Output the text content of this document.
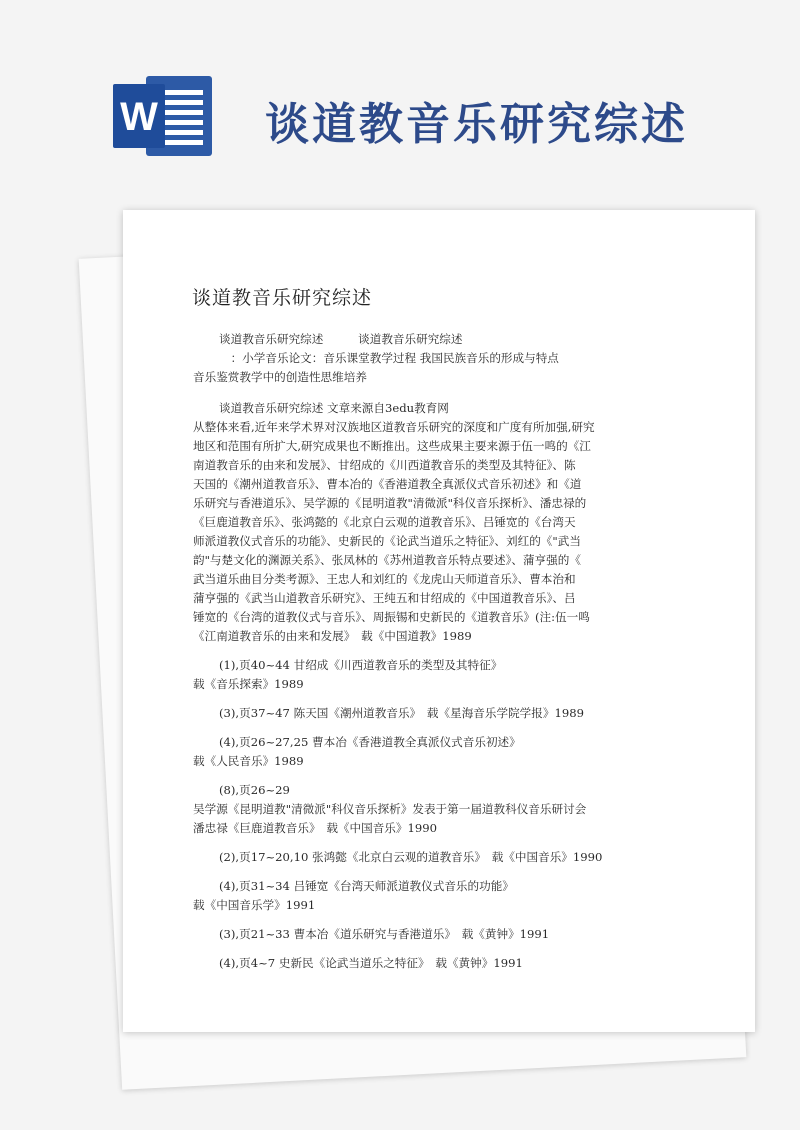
W 谈道教音乐研究综述
谈道教音乐研究综述
谈道教音乐研究综述　　　谈道教音乐研究综述
　：小学音乐论文：音乐课堂教学过程 我国民族音乐的形成与特点
音乐鉴赏教学中的创造性思维培养
谈道教音乐研究综述 文章来源自3edu教育网
从整体来看,近年来学术界对汉族地区道教音乐研究的深度和广度有所加强,研究
地区和范围有所扩大,研究成果也不断推出。这些成果主要来源于伍一鸣的《江
南道教音乐的由来和发展》、甘绍成的《川西道教音乐的类型及其特征》、陈
天国的《潮州道教音乐》、曹本冶的《香港道教全真派仪式音乐初述》和《道
乐研究与香港道乐》、吴学源的《昆明道教"清微派"科仪音乐探析》、潘忠禄的
《巨鹿道教音乐》、张鸿懿的《北京白云观的道教音乐》、吕锤宽的《台湾天
师派道教仪式音乐的功能》、史新民的《论武当道乐之特征》、刘红的《"武当
韵"与楚文化的渊源关系》、张凤林的《苏州道教音乐特点要述》、蒲亨强的《
武当道乐曲目分类考源》、王忠人和刘红的《龙虎山天师道音乐》、曹本治和
蒲亨强的《武当山道教音乐研究》、王纯五和甘绍成的《中国道教音乐》、吕
锤宽的《台湾的道教仪式与音乐》、周振锡和史新民的《道教音乐》(注:伍一鸣
《江南道教音乐的由来和发展》　载《中国道教》1989
(1),页40~44 甘绍成《川西道教音乐的类型及其特征》
载《音乐探索》1989
(3),页37~47 陈天国《潮州道教音乐》　载《星海音乐学院学报》1989
(4),页26~27,25 曹本冶《香港道教全真派仪式音乐初述》
载《人民音乐》1989
(8),页26~29
吴学源《昆明道教"清微派"科仪音乐探析》发表于第一届道教科仪音乐研讨会
潘忠禄《巨鹿道教音乐》　载《中国音乐》1990
(2),页17~20,10 张鸿懿《北京白云观的道教音乐》　载《中国音乐》1990
(4),页31~34 吕锤宽《台湾天师派道教仪式音乐的功能》
载《中国音乐学》1991
(3),页21~33 曹本冶《道乐研究与香港道乐》　载《黄钟》1991
(4),页4~7 史新民《论武当道乐之特征》　载《黄钟》1991
